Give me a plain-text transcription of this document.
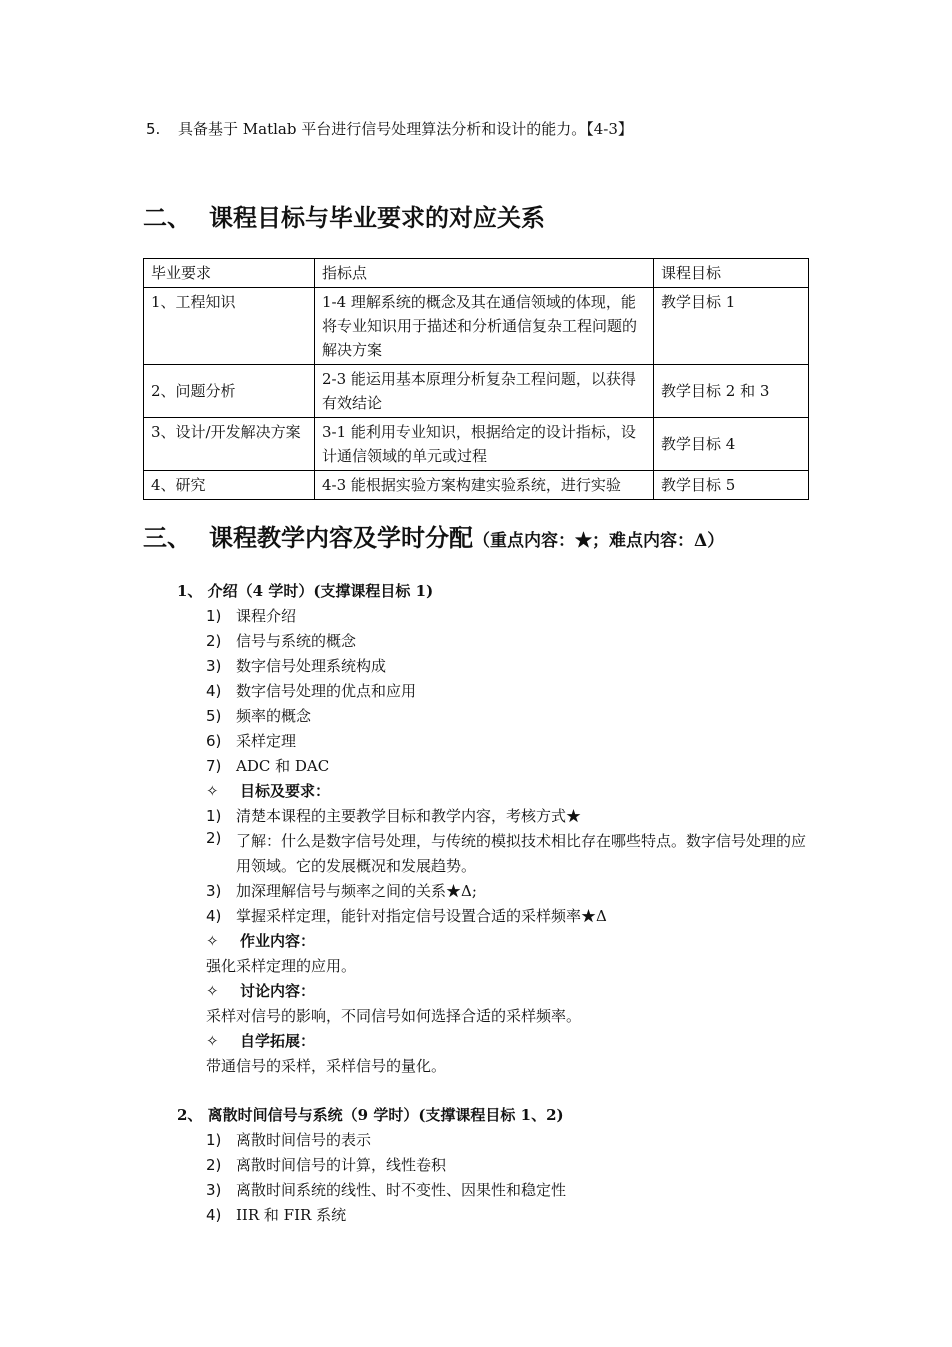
5. 具备基于 Matlab 平台进行信号处理算法分析和设计的能力。【4-3】
二、 课程目标与毕业要求的对应关系
毕业要求	指标点	课程目标
1、工程知识	1-4 理解系统的概念及其在通信领域的体现，能将专业知识用于描述和分析通信复杂工程问题的解决方案	教学目标 1
2、问题分析	2-3 能运用基本原理分析复杂工程问题，以获得有效结论	教学目标 2 和 3
3、设计/开发解决方案	3-1 能利用专业知识，根据给定的设计指标，设计通信领域的单元或过程	教学目标 4
4、研究	4-3 能根据实验方案构建实验系统，进行实验	教学目标 5
三、 课程教学内容及学时分配（重点内容：★；难点内容：Δ）
1、 介绍（4 学时）(支撑课程目标 1)
1) 课程介绍
2) 信号与系统的概念
3) 数字信号处理系统构成
4) 数字信号处理的优点和应用
5) 频率的概念
6) 采样定理
7) ADC 和 DAC
✧ 目标及要求：
1) 清楚本课程的主要教学目标和教学内容，考核方式★
2) 了解：什么是数字信号处理，与传统的模拟技术相比存在哪些特点。数字信号处理的应用领域。它的发展概况和发展趋势。
3) 加深理解信号与频率之间的关系★Δ;
4) 掌握采样定理，能针对指定信号设置合适的采样频率★Δ
✧ 作业内容：
强化采样定理的应用。
✧ 讨论内容：
采样对信号的影响，不同信号如何选择合适的采样频率。
✧ 自学拓展：
带通信号的采样，采样信号的量化。
2、 离散时间信号与系统（9 学时）(支撑课程目标 1、2)
1) 离散时间信号的表示
2) 离散时间信号的计算，线性卷积
3) 离散时间系统的线性、时不变性、因果性和稳定性
4) IIR 和 FIR 系统
